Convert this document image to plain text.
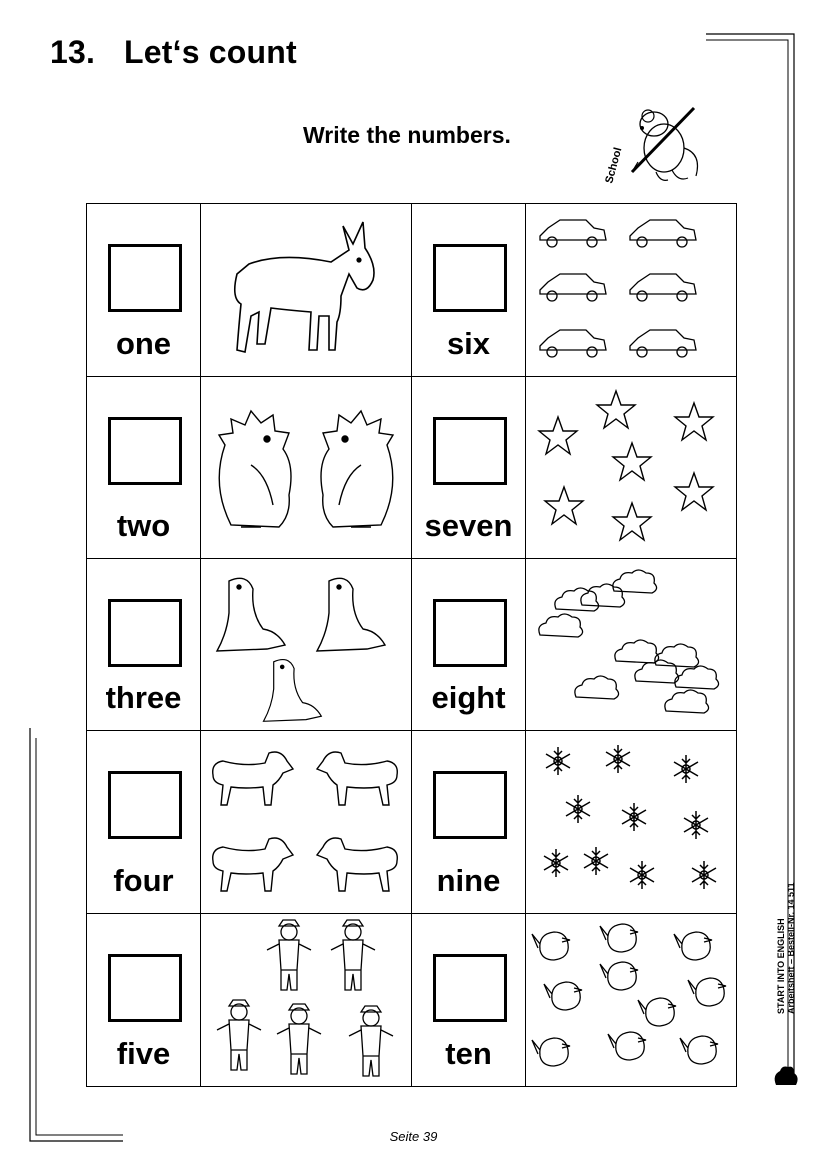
13. Let‘s count
Write the numbers.
School
one		six

two		seven

three		eight

four		nine

five		ten

START INTO ENGLISH Arbeitsheft – Bestell-Nr. 14 511
Seite 39
